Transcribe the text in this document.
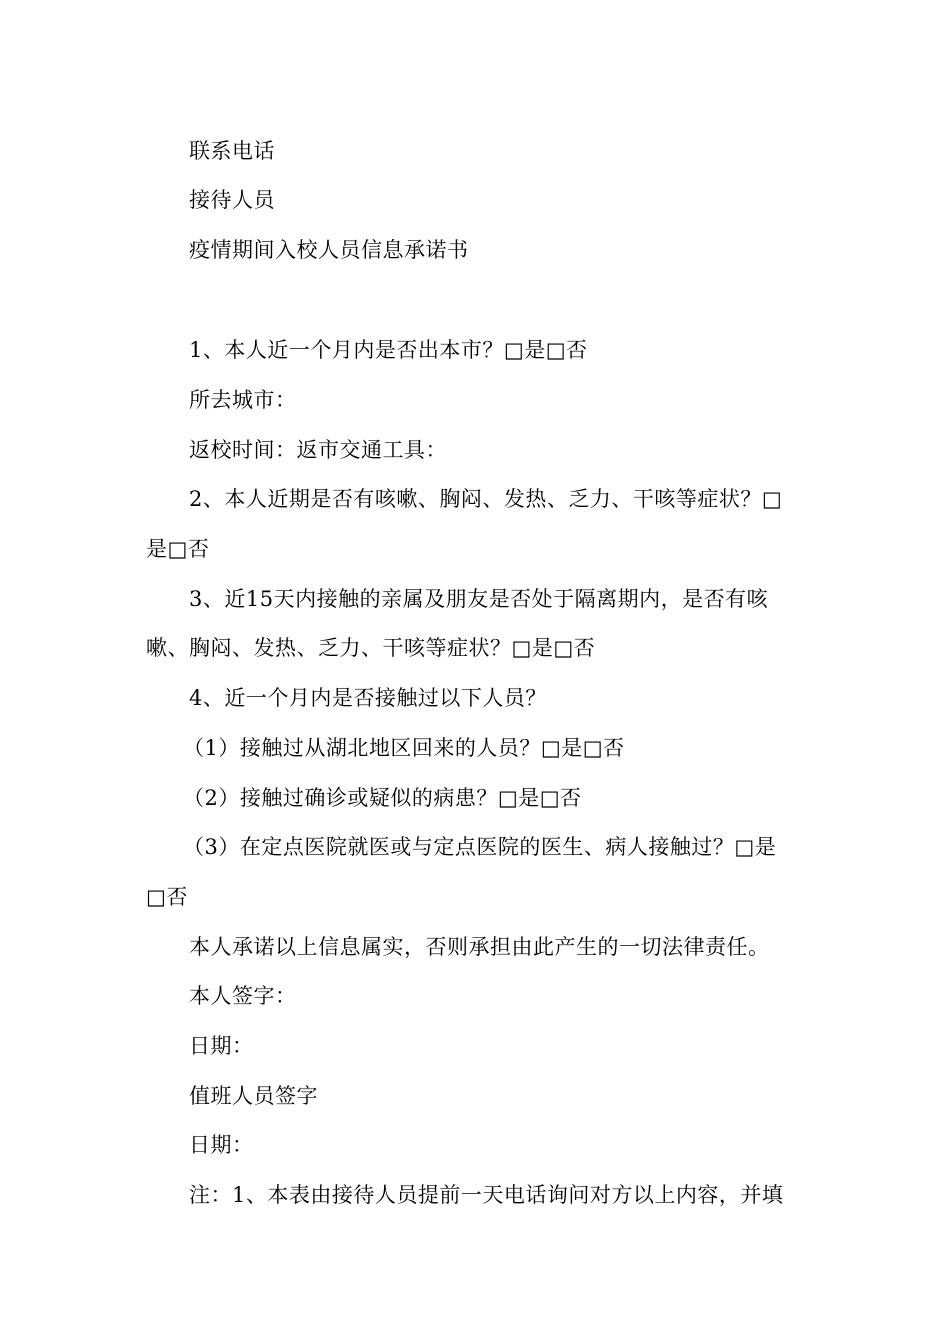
联系电话
接待人员
疫情期间入校人员信息承诺书
1、本人近一个月内是否出本市？□是□否
所去城市：
返校时间：返市交通工具：
2、本人近期是否有咳嗽、胸闷、发热、乏力、干咳等症状？□
是□否
3、近15天内接触的亲属及朋友是否处于隔离期内，是否有咳
嗽、胸闷、发热、乏力、干咳等症状？□是□否
4、近一个月内是否接触过以下人员？
（1）接触过从湖北地区回来的人员？□是□否
（2）接触过确诊或疑似的病患？□是□否
（3）在定点医院就医或与定点医院的医生、病人接触过？□是
□否
本人承诺以上信息属实，否则承担由此产生的一切法律责任。
本人签字：
日期：
值班人员签字
日期：
注：1、本表由接待人员提前一天电话询问对方以上内容，并填
